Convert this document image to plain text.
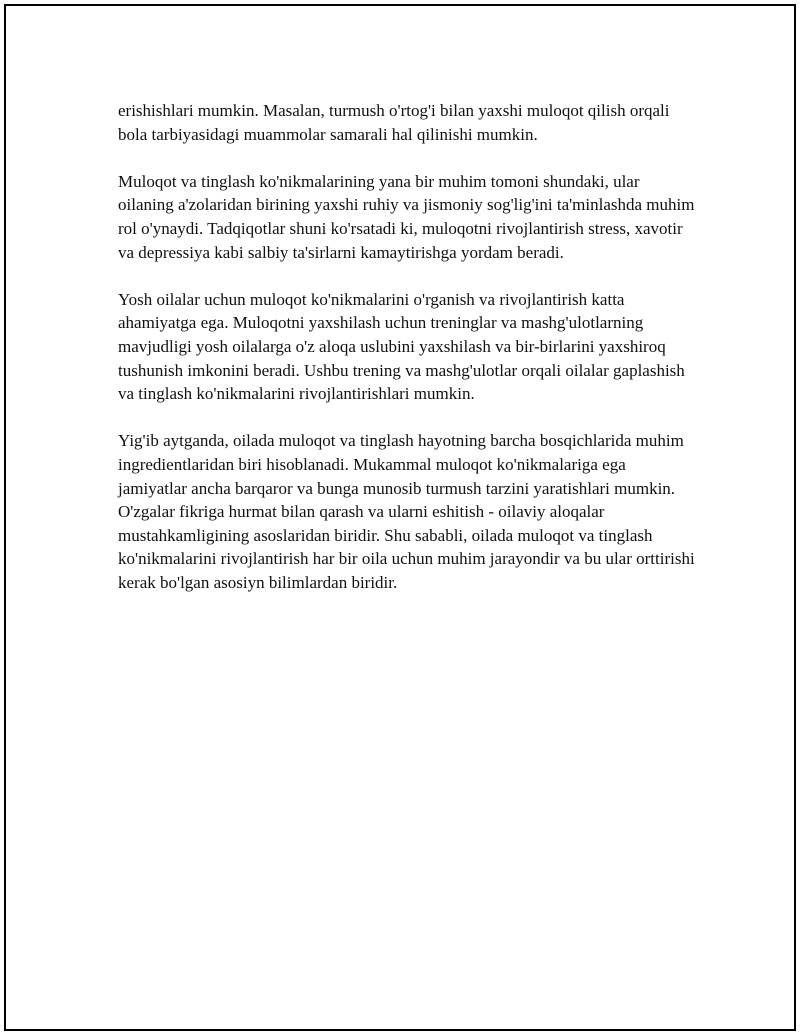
erishishlari mumkin. Masalan, turmush o'rtog'i bilan yaxshi muloqot qilish orqali bola tarbiyasidagi muammolar samarali hal qilinishi mumkin.

Muloqot va tinglash ko'nikmalarining yana bir muhim tomoni shundaki, ular oilaning a'zolaridan birining yaxshi ruhiy va jismoniy sog'lig'ini ta'minlashda muhim rol o'ynaydi. Tadqiqotlar shuni ko'rsatadi ki, muloqotni rivojlantirish stress, xavotir va depressiya kabi salbiy ta'sirlarni kamaytirishga yordam beradi.

Yosh oilalar uchun muloqot ko'nikmalarini o'rganish va rivojlantirish katta ahamiyatga ega. Muloqotni yaxshilash uchun treninglar va mashg'ulotlarning mavjudligi yosh oilalarga o'z aloqa uslubini yaxshilash va bir-birlarini yaxshiroq tushunish imkonini beradi. Ushbu trening va mashg'ulotlar orqali oilalar gaplashish va tinglash ko'nikmalarini rivojlantirishlari mumkin.

Yig'ib aytganda, oilada muloqot va tinglash hayotning barcha bosqichlarida muhim ingredientlaridan biri hisoblanadi. Mukammal muloqot ko'nikmalariga ega jamiyatlar ancha barqaror va bunga munosib turmush tarzini yaratishlari mumkin. O'zgalar fikriga hurmat bilan qarash va ularni eshitish - oilaviy aloqalar mustahkamligining asoslaridan biridir. Shu sababli, oilada muloqot va tinglash ko'nikmalarini rivojlantirish har bir oila uchun muhim jarayondir va bu ular orttirishi kerak bo'lgan asosiyn bilimlardan biridir.
